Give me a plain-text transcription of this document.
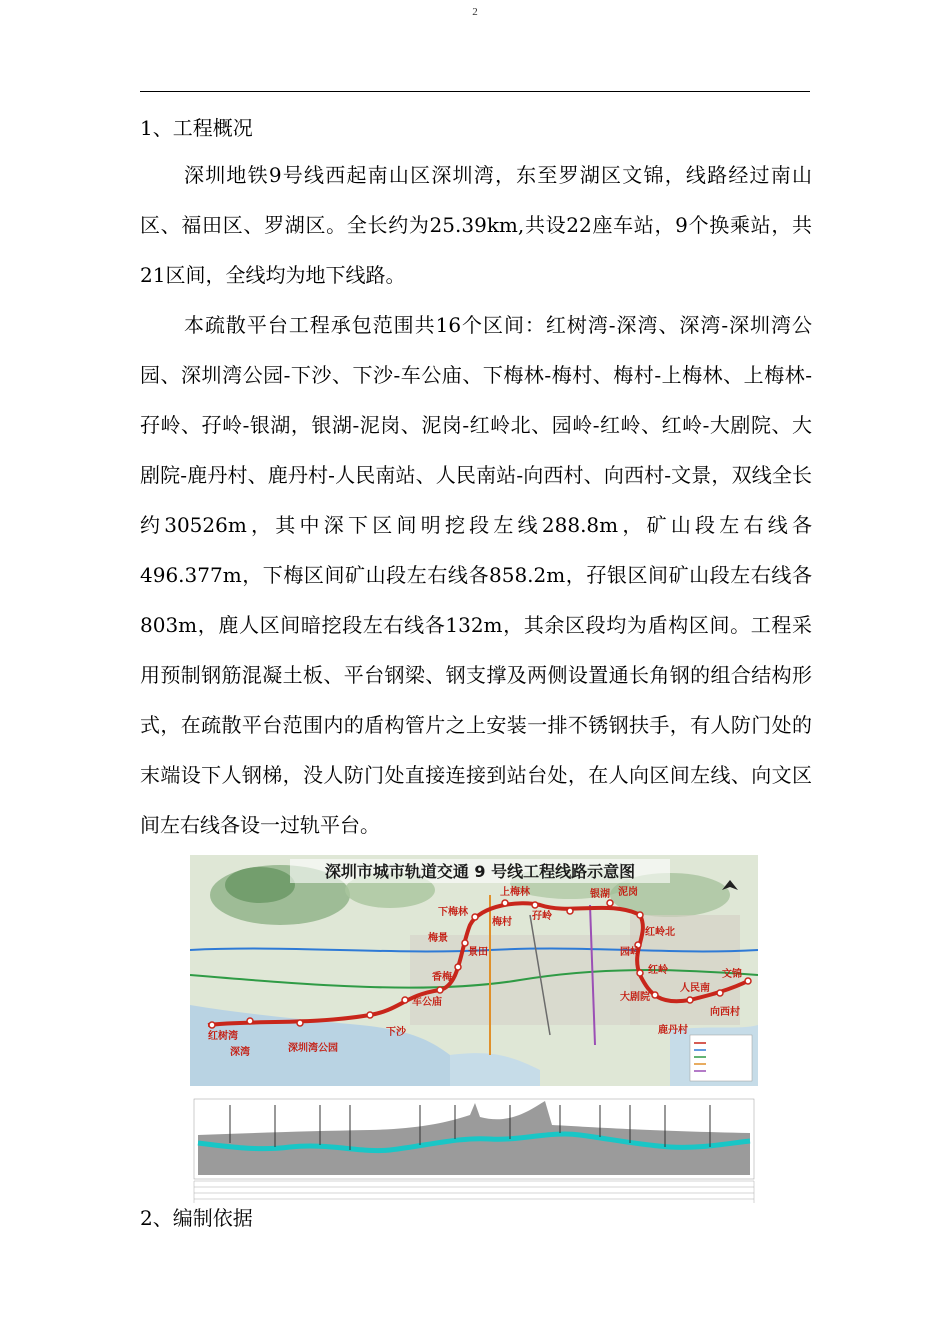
2
1、工程概况
深圳地铁9号线西起南山区深圳湾，东至罗湖区文锦，线路经过南山区、福田区、罗湖区。全长约为25.39km,共设22座车站，9个换乘站，共21区间，全线均为地下线路。
本疏散平台工程承包范围共16个区间：红树湾-深湾、深湾-深圳湾公园、深圳湾公园-下沙、下沙-车公庙、下梅林-梅村、梅村-上梅林、上梅林-孖岭、孖岭-银湖，银湖-泥岗、泥岗-红岭北、园岭-红岭、红岭-大剧院、大剧院-鹿丹村、鹿丹村-人民南站、人民南站-向西村、向西村-文景，双线全长约30526m，其中深下区间明挖段左线288.8m，矿山段左右线各496.377m，下梅区间矿山段左右线各858.2m，孖银区间矿山段左右线各803m，鹿人区间暗挖段左右线各132m，其余区段均为盾构区间。工程采用预制钢筋混凝土板、平台钢梁、钢支撑及两侧设置通长角钢的组合结构形式，在疏散平台范围内的盾构管片之上安装一排不锈钢扶手，有人防门处的末端设下人钢梯，没人防门处直接连接到站台处，在人向区间左线、向文区间左右线各设一过轨平台。
深圳市城市轨道交通 9 号线工程线路示意图
红树湾
深湾	深圳湾公园
下沙
车公庙
香梅
景田
梅景
下梅林
梅村
上梅林
孖岭
银湖 泥岗
红岭北
园岭
红岭
大剧院
鹿丹村
人民南
向西村
文锦
2、编制依据
